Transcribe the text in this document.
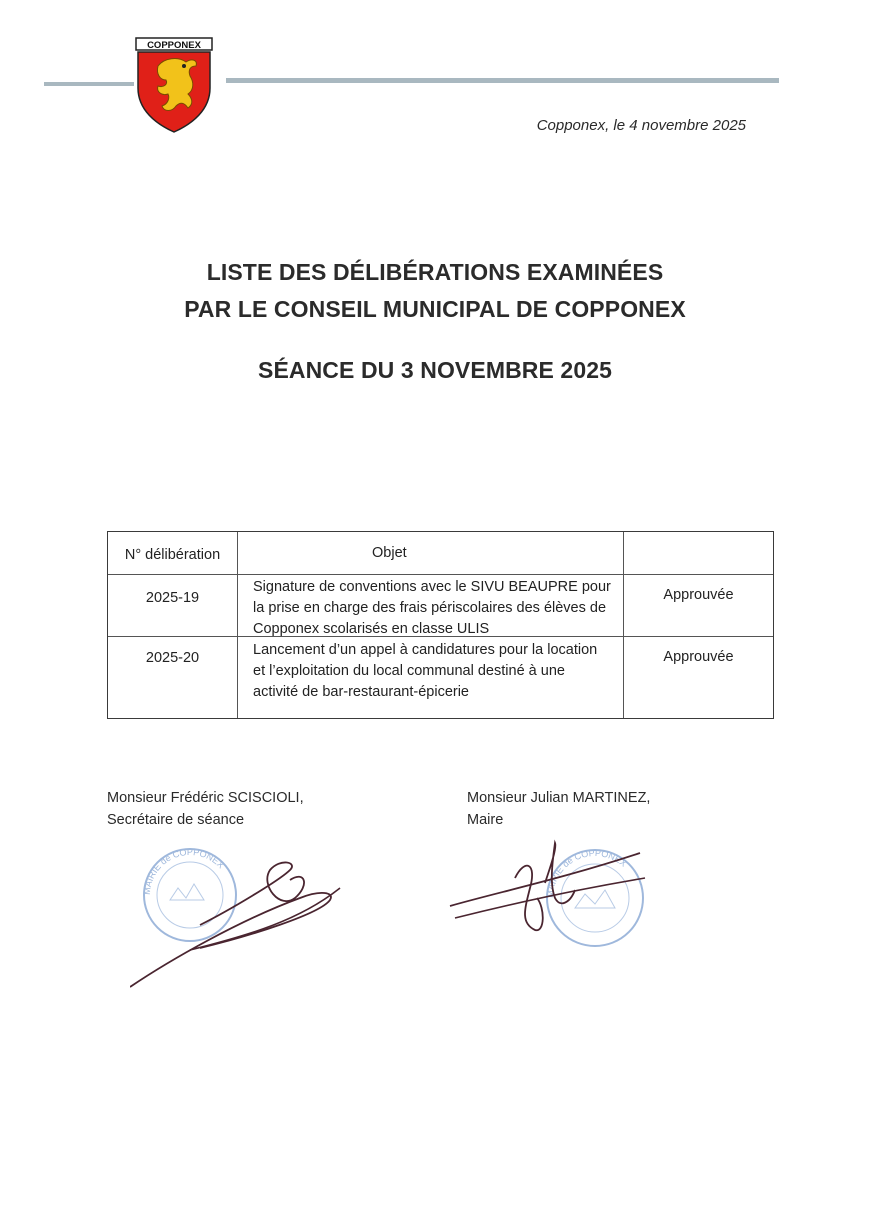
COPPONEX
Copponex, le 4 novembre 2025
LISTE DES DÉLIBÉRATIONS EXAMINÉES
PAR LE CONSEIL MUNICIPAL DE COPPONEX
SÉANCE DU 3 NOVEMBRE 2025
N° délibération	Objet
2025-19
Signature de conventions avec le SIVU BEAUPRE pour
la prise en charge des frais périscolaires des élèves de
Copponex scolarisés en classe ULIS
Approuvée
2025-20	Lancement d’un appel à candidatures pour la location
et l’exploitation du local communal destiné à une
activité de bar-restaurant-épicerie
Approuvée
Monsieur Frédéric SCISCIOLI,
Secrétaire de séance
Monsieur Julian MARTINEZ,
Maire
MAIRIE de COPPONEX
MAIRIE de COPPONEX
